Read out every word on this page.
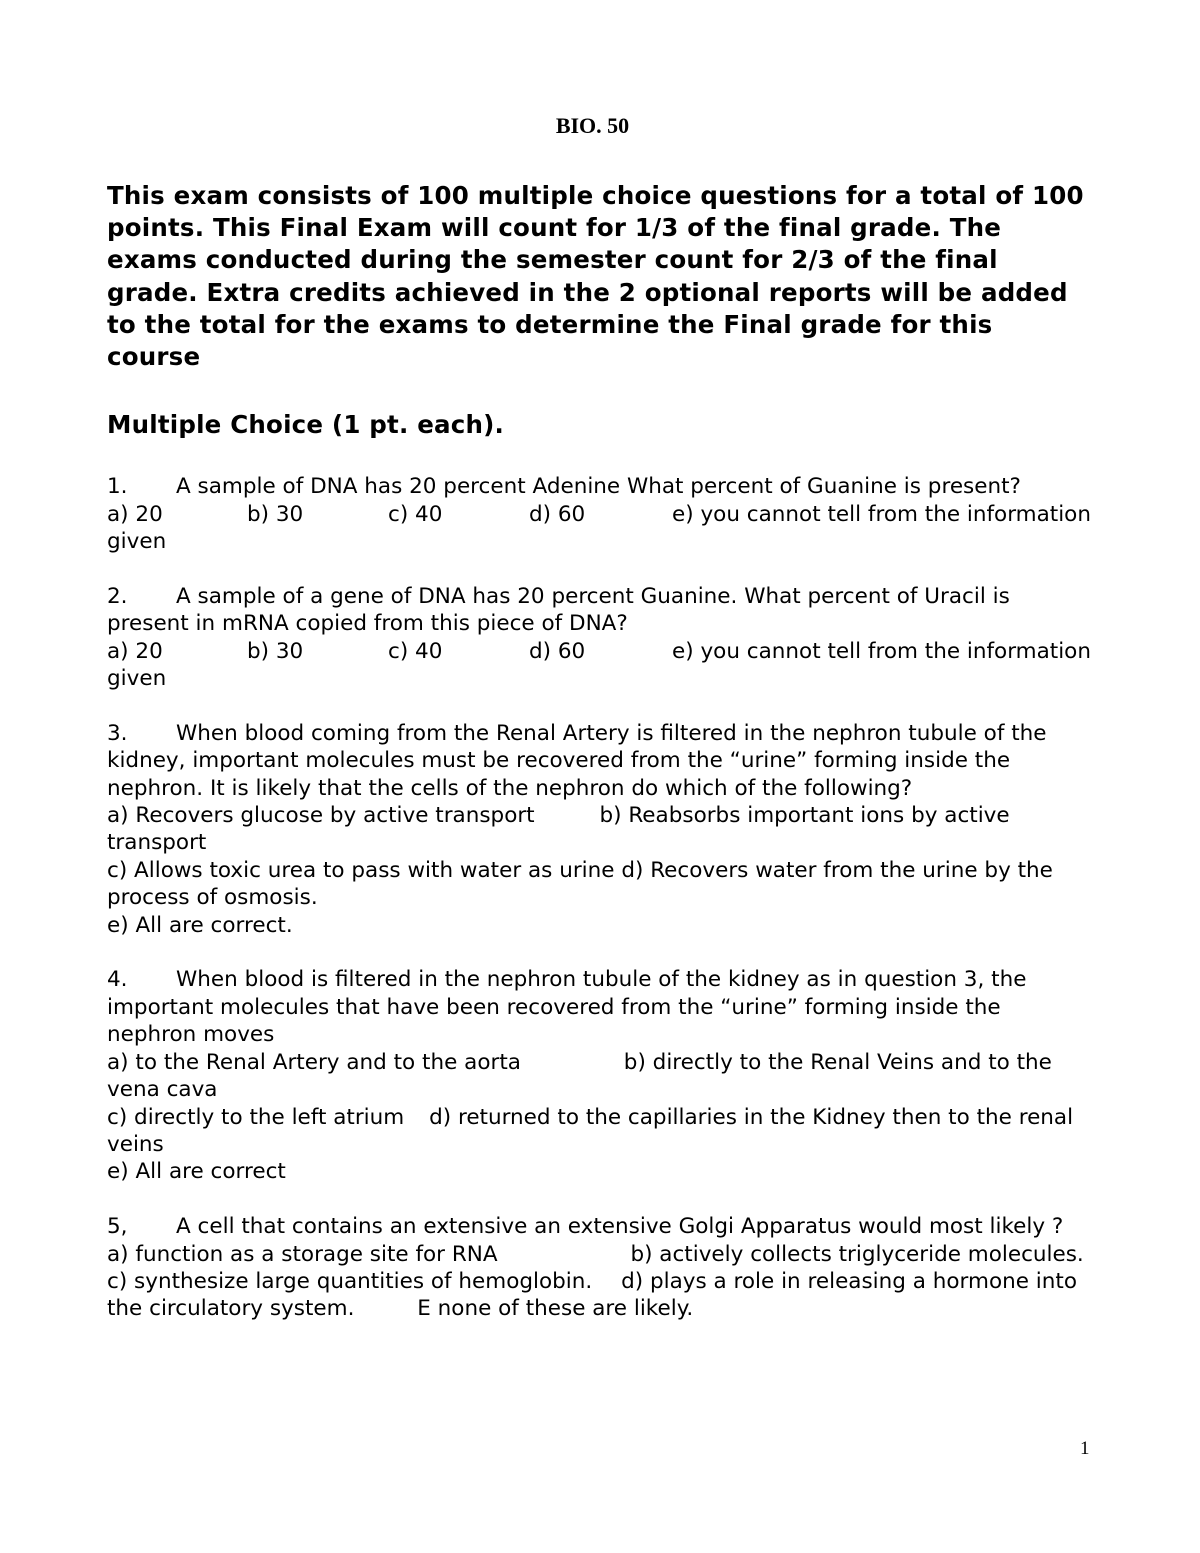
BIO. 50
This exam consists of 100 multiple choice questions for a total of 100 points. This Final Exam will count for 1/3 of the final grade. The exams conducted during the semester count for 2/3 of the final grade. Extra credits achieved in the 2 optional reports will be added to the total for the exams to determine the Final grade for this course
Multiple Choice (1 pt. each).
1. A sample of DNA has 20 percent Adenine What percent of Guanine is present?
a) 20	b) 30	c) 40	d) 60	e) you cannot tell from the information given
2. A sample of a gene of DNA has 20 percent Guanine. What percent of Uracil is present in mRNA copied from this piece of DNA?
a) 20	b) 30	c) 40	d) 60	e) you cannot tell from the information given
3. When blood coming from the Renal Artery is filtered in the nephron tubule of the kidney, important molecules must be recovered from the “urine” forming inside the nephron. It is likely that the cells of the nephron do which of the following?
a) Recovers glucose by active transport	b) Reabsorbs important ions by active transport
c) Allows toxic urea to pass with water as urine d) Recovers water from the urine by the process of osmosis.
e) All are correct.
4. When blood is filtered in the nephron tubule of the kidney as in question 3, the important molecules that have been recovered from the “urine” forming inside the nephron moves
a) to the Renal Artery and to the aorta	b) directly to the Renal Veins and to the vena cava
c) directly to the left atrium d) returned to the capillaries in the Kidney then to the renal veins
e) All are correct
5, A cell that contains an extensive an extensive Golgi Apparatus would most likely ?
a) function as a storage site for RNA	b) actively collects triglyceride molecules.
c) synthesize large quantities of hemoglobin. d) plays a role in releasing a hormone into the circulatory system.	E none of these are likely.
1
